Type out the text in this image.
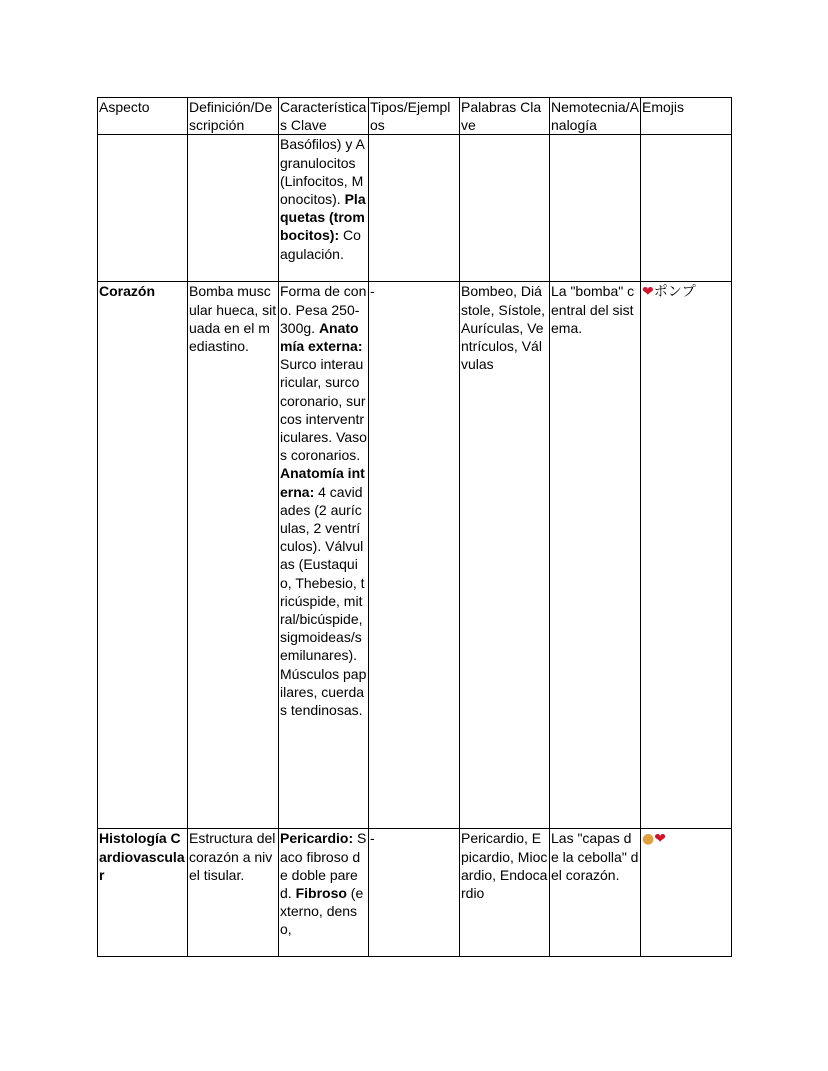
Aspecto	Definición/Descripción	Características Clave	Tipos/Ejemplos	Palabras Clave	Nemotecnia/Analogía	Emojis
		Basófilos) y Agranulocitos (Linfocitos, Monocitos). Plaquetas (trombocitos): Coagulación.				
Corazón	Bomba muscular hueca, situada en el mediastino.	Forma de cono. Pesa 250-300g. Anatomía externa: Surco interauricular, surco coronario, surcos interventriculares. Vasos coronarios. Anatomía interna: 4 cavidades (2 aurículas, 2 ventrículos). Válvulas (Eustaquio, Thebesio, tricúspide, mitral/bicúspide, sigmoideas/semilunares). Músculos papilares, cuerdas tendinosas.	-	Bombeo, Diástole, Sístole, Aurículas, Ventrículos, Válvulas	La "bomba" central del sistema.	❤ポンプ
Histología Cardiovascular	Estructura del corazón a nivel tisular.	Pericardio: Saco fibroso de doble pared. Fibroso (externo, denso,	-	Pericardio, Epicardio, Miocardio, Endocardio	Las "capas de la cebolla" del corazón.	●❤
